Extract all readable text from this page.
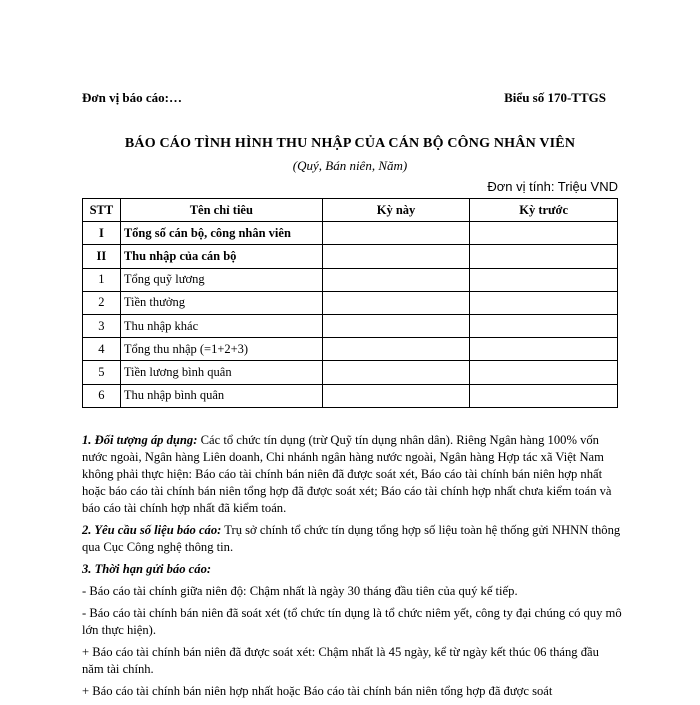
Đơn vị báo cáo:…	Biểu số 170-TTGS
BÁO CÁO TÌNH HÌNH THU NHẬP CỦA CÁN BỘ CÔNG NHÂN VIÊN
(Quý, Bán niên, Năm)
Đơn vị tính: Triệu VND
STT	Tên chỉ tiêu	Kỳ này	Kỳ trước
I	Tổng số cán bộ, công nhân viên		
II	Thu nhập của cán bộ		
1	Tổng quỹ lương		
2	Tiền thưởng		
3	Thu nhập khác		
4	Tổng thu nhập (=1+2+3)		
5	Tiền lương bình quân		
6	Thu nhập bình quân		

1. Đối tượng áp dụng: Các tổ chức tín dụng (trừ Quỹ tín dụng nhân dân). Riêng Ngân hàng 100% vốn nước ngoài, Ngân hàng Liên doanh, Chi nhánh ngân hàng nước ngoài, Ngân hàng Hợp tác xã Việt Nam không phải thực hiện: Báo cáo tài chính bán niên đã được soát xét, Báo cáo tài chính bán niên hợp nhất hoặc báo cáo tài chính bán niên tổng hợp đã được soát xét; Báo cáo tài chính hợp nhất chưa kiểm toán và báo cáo tài chính hợp nhất đã kiểm toán.

2. Yêu cầu số liệu báo cáo: Trụ sở chính tổ chức tín dụng tổng hợp số liệu toàn hệ thống gửi NHNN thông qua Cục Công nghệ thông tin.

3. Thời hạn gửi báo cáo:

- Báo cáo tài chính giữa niên độ: Chậm nhất là ngày 30 tháng đầu tiên của quý kế tiếp.

- Báo cáo tài chính bán niên đã soát xét (tổ chức tín dụng là tổ chức niêm yết, công ty đại chúng có quy mô lớn thực hiện).

+ Báo cáo tài chính bán niên đã được soát xét: Chậm nhất là 45 ngày, kể từ ngày kết thúc 06 tháng đầu năm tài chính.

+ Báo cáo tài chính bán niên hợp nhất hoặc Báo cáo tài chính bán niên tổng hợp đã được soát
